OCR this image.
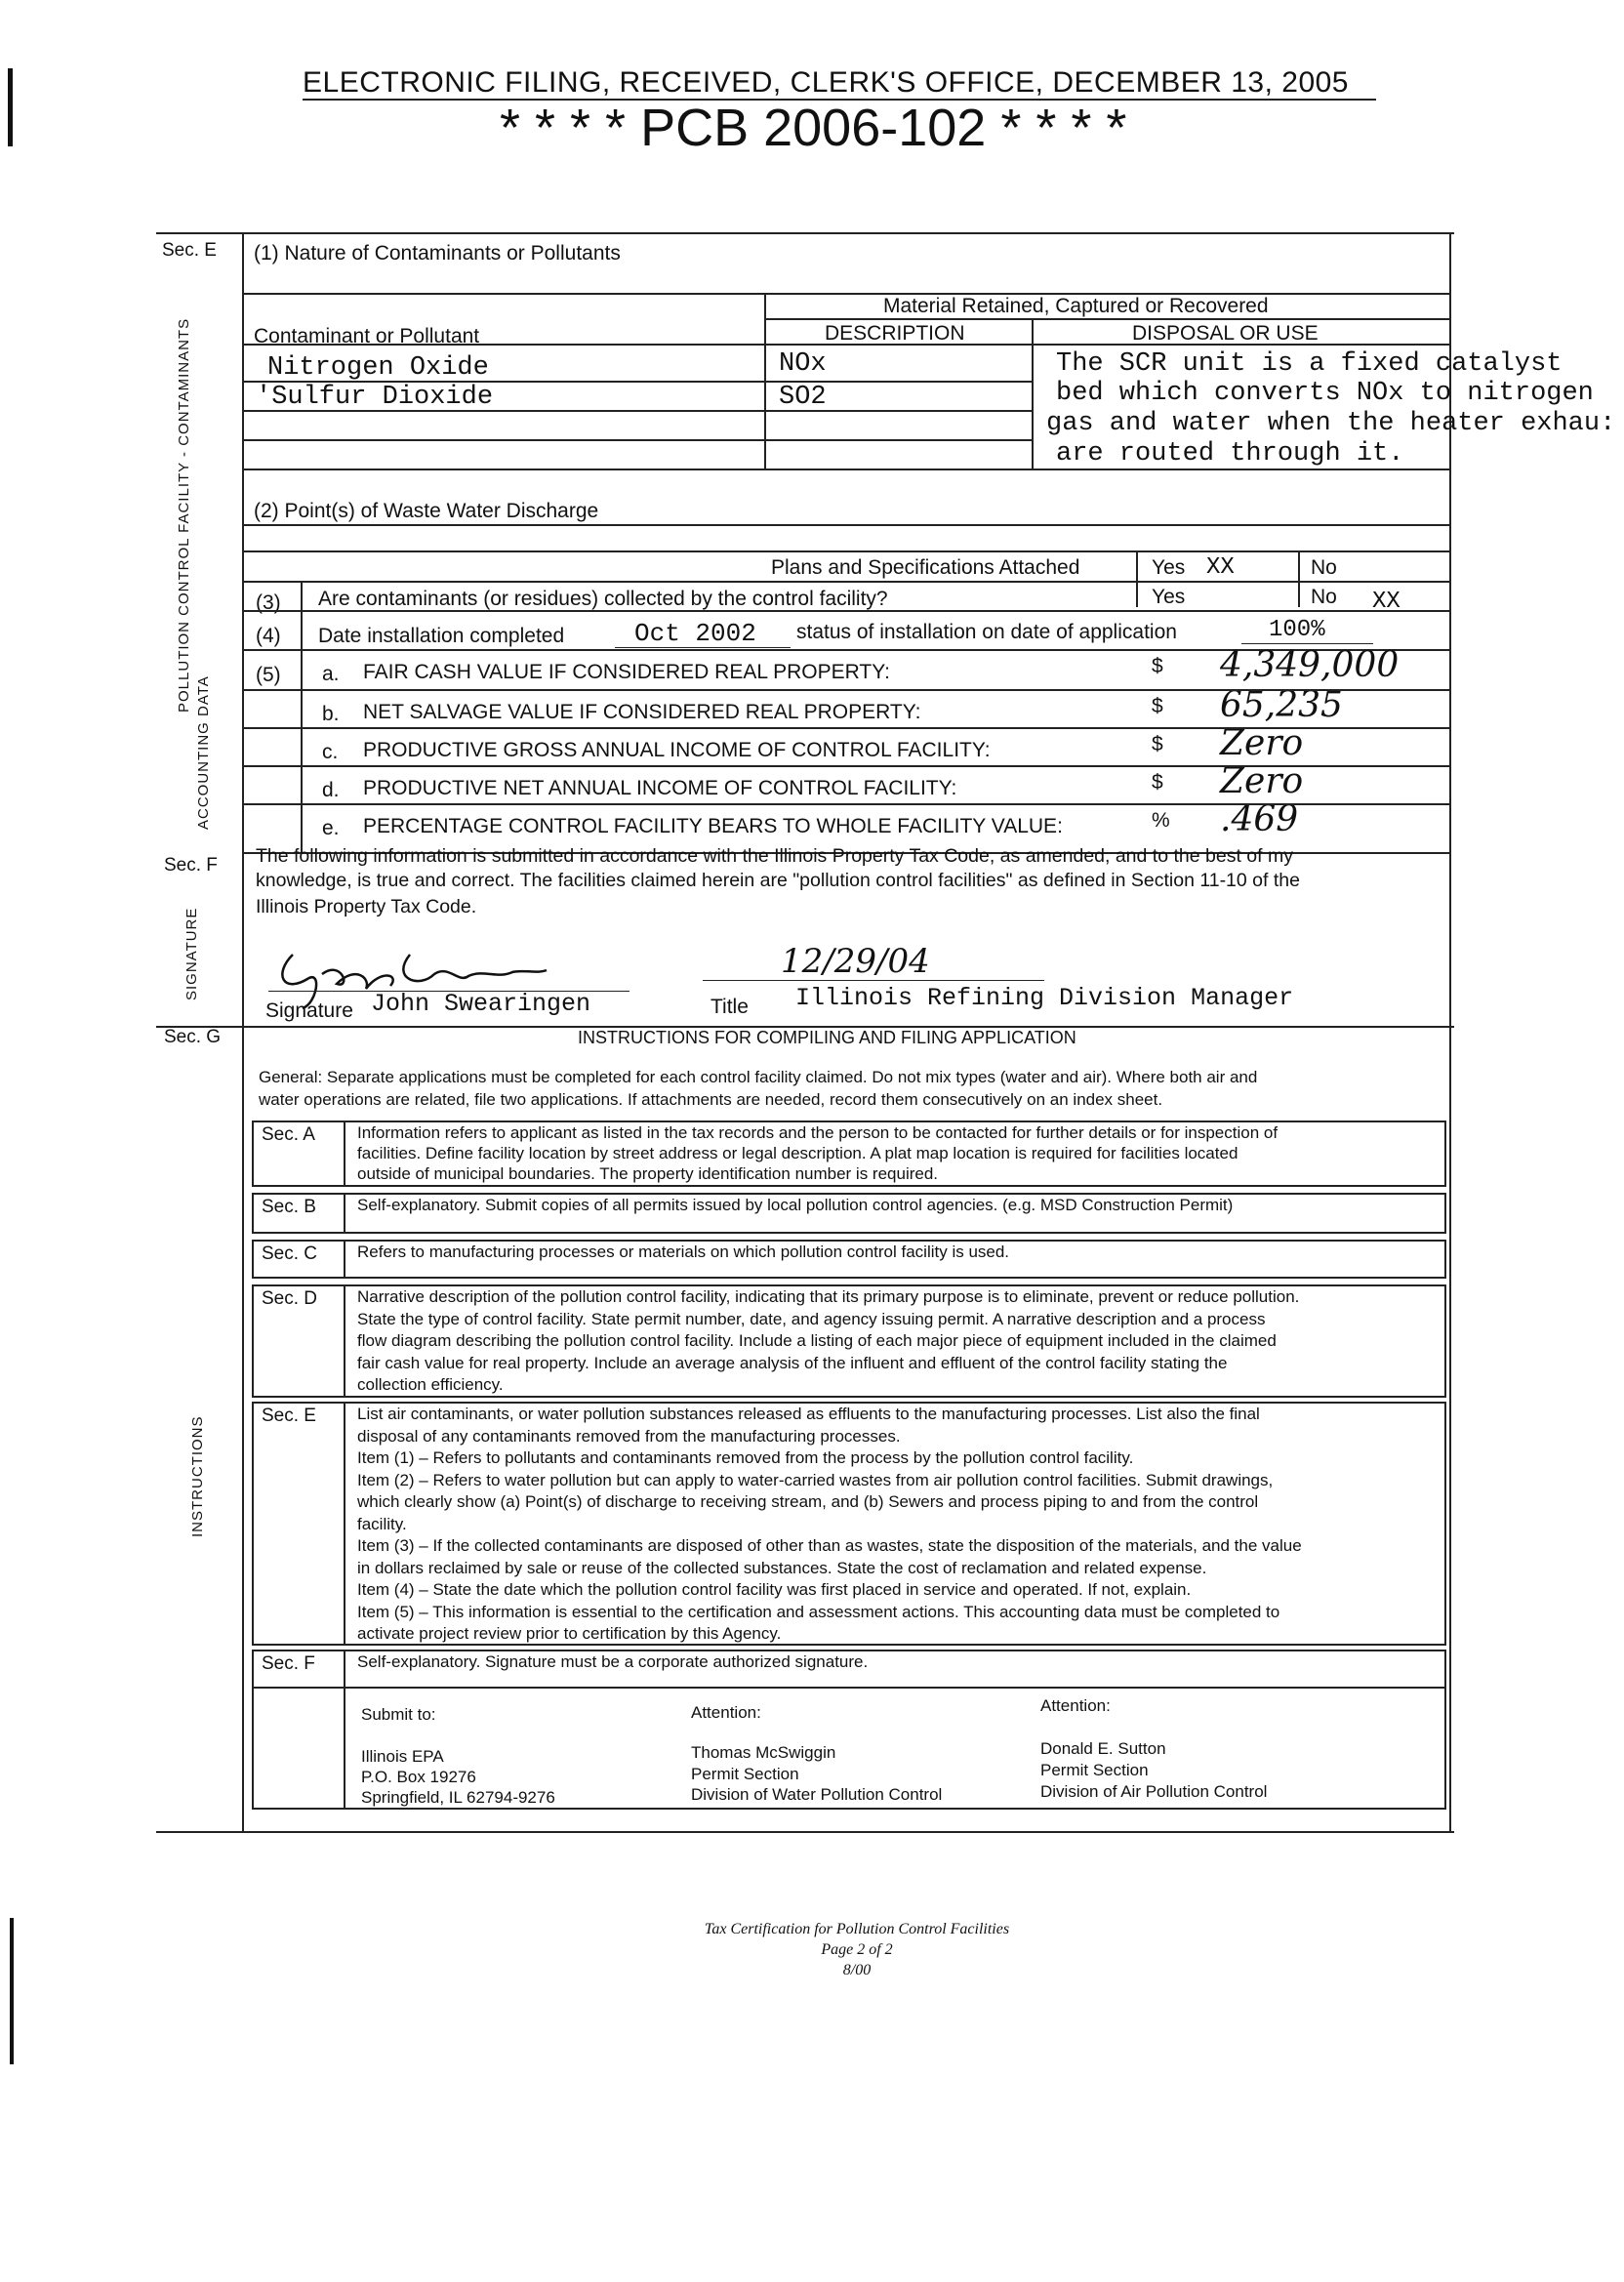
ELECTRONIC FILING, RECEIVED, CLERK'S OFFICE, DECEMBER 13, 2005
* * * * PCB 2006-102 * * * *
Sec. E (1) Nature of Contaminants or Pollutants
Material Retained, Captured or Recovered
Contaminant or Pollutant	DESCRIPTION	DISPOSAL OR USE
Nitrogen Oxide	NOx
'Sulfur Dioxide	SO2
The SCR unit is a fixed catalyst
bed which converts NOx to nitrogen
gas and water when the heater exhau:
are routed through it.
(2) Point(s) of Waste Water Discharge
Plans and Specifications Attached	Yes XX	No
(3) Are contaminants (or residues) collected by the control facility?	Yes	No XX
(4) Date installation completed	Oct 2002 status of installation on date of application	100%
(5) a. FAIR CASH VALUE IF CONSIDERED REAL PROPERTY:	$ 4,349,000
b. NET SALVAGE VALUE IF CONSIDERED REAL PROPERTY:	$ 65,235
c. PRODUCTIVE GROSS ANNUAL INCOME OF CONTROL FACILITY:	$ Zero
d. PRODUCTIVE NET ANNUAL INCOME OF CONTROL FACILITY:	$ Zero
e. PERCENTAGE CONTROL FACILITY BEARS TO WHOLE FACILITY VALUE:	% .469
POLLUTION CONTROL FACILITY - CONTAMINANTS
ACCOUNTING DATA
Sec. F The following information is submitted in accordance with the Illinois Property Tax Code, as amended, and to the best of my
knowledge, is true and correct. The facilities claimed herein are "pollution control facilities" as defined in Section 11-10 of the
Illinois Property Tax Code.
12/29/04
Signature John Swearingen	Title Illinois Refining Division Manager
SIGNATURE
Sec. G	INSTRUCTIONS FOR COMPILING AND FILING APPLICATION
General: Separate applications must be completed for each control facility claimed. Do not mix types (water and air). Where both air and
water operations are related, file two applications. If attachments are needed, record them consecutively on an index sheet.
Sec. A	Information refers to applicant as listed in the tax records and the person to be contacted for further details or for inspection of
facilities. Define facility location by street address or legal description. A plat map location is required for facilities located
outside of municipal boundaries. The property identification number is required.
Sec. B Self-explanatory. Submit copies of all permits issued by local pollution control agencies. (e.g. MSD Construction Permit)
Sec. C Refers to manufacturing processes or materials on which pollution control facility is used.
Sec. D Narrative description of the pollution control facility, indicating that its primary purpose is to eliminate, prevent or reduce pollution.
State the type of control facility. State permit number, date, and agency issuing permit. A narrative description and a process
flow diagram describing the pollution control facility. Include a listing of each major piece of equipment included in the claimed
fair cash value for real property. Include an average analysis of the influent and effluent of the control facility stating the
collection efficiency.
Sec. E List air contaminants, or water pollution substances released as effluents to the manufacturing processes. List also the final
disposal of any contaminants removed from the manufacturing processes.
Item (1) – Refers to pollutants and contaminants removed from the process by the pollution control facility.
Item (2) – Refers to water pollution but can apply to water-carried wastes from air pollution control facilities. Submit drawings,
which clearly show (a) Point(s) of discharge to receiving stream, and (b) Sewers and process piping to and from the control
facility.
Item (3) – If the collected contaminants are disposed of other than as wastes, state the disposition of the materials, and the value
in dollars reclaimed by sale or reuse of the collected substances. State the cost of reclamation and related expense.
Item (4) – State the date which the pollution control facility was first placed in service and operated. If not, explain.
Item (5) – This information is essential to the certification and assessment actions. This accounting data must be completed to
activate project review prior to certification by this Agency.
Sec. F	Self-explanatory. Signature must be a corporate authorized signature.
Submit to:
Illinois EPA
P.O. Box 19276
Springfield, IL 62794-9276
Attention:
Thomas McSwiggin
Permit Section
Division of Water Pollution Control
Attention:
Donald E. Sutton
Permit Section
Division of Air Pollution Control
INSTRUCTIONS
Tax Certification for Pollution Control Facilities
Page 2 of 2
8/00
